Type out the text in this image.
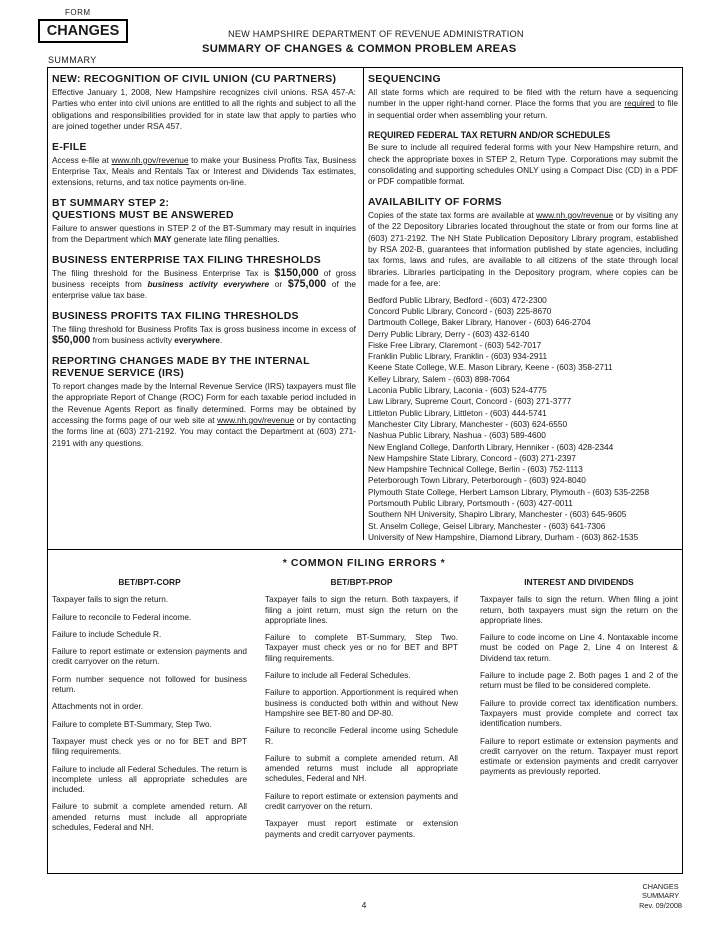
FORM
CHANGES
SUMMARY
NEW HAMPSHIRE DEPARTMENT OF REVENUE ADMINISTRATION
SUMMARY OF CHANGES & COMMON PROBLEM AREAS
NEW: RECOGNITION OF CIVIL UNION (CU PARTNERS)
Effective January 1, 2008, New Hampshire recognizes civil unions. RSA 457-A: Parties who enter into civil unions are entitled to all the rights and subject to all the obligations and responsibilities provided for in state law that apply to parties who are joined together under RSA 457.
E-FILE
Access e-file at www.nh.gov/revenue to make your Business Profits Tax, Business Enterprise Tax, Meals and Rentals Tax or Interest and Dividends Tax estimates, extensions, returns, and tax notice payments on-line.
BT SUMMARY STEP 2:
QUESTIONS MUST BE ANSWERED
Failure to answer questions in STEP 2 of the BT-Summary may result in inquiries from the Department which MAY generate late filing penalties.
BUSINESS ENTERPRISE TAX FILING THRESHOLDS
The filing threshold for the Business Enterprise Tax is $150,000 of gross business receipts from business activity everywhere or $75,000 of the enterprise value tax base.
BUSINESS PROFITS TAX FILING THRESHOLDS
The filing threshold for Business Profits Tax is gross business income in excess of $50,000 from business activity everywhere.
REPORTING CHANGES MADE BY THE INTERNAL
REVENUE SERVICE (IRS)
To report changes made by the Internal Revenue Service (IRS) taxpayers must file the appropriate Report of Change (ROC) Form for each taxable period included in the Revenue Agents Report as finally determined. Forms may be obtained by accessing the forms page of our web site at www.nh.gov/revenue or by contacting the forms line at (603) 271-2192. You may contact the Department at (603) 271-2191 with any questions.
SEQUENCING
All state forms which are required to be filed with the return have a sequencing number in the upper right-hand corner. Place the forms that you are required to file in sequential order when assembling your return.
REQUIRED FEDERAL TAX RETURN AND/OR SCHEDULES
Be sure to include all required federal forms with your New Hampshire return, and check the appropriate boxes in STEP 2, Return Type. Corporations may submit the consolidating and supporting schedules ONLY using a Compact Disc (CD) in a PDF or PDF compatible format.
AVAILABILITY OF FORMS
Copies of the state tax forms are available at www.nh.gov/revenue or by visiting any of the 22 Depository Libraries located throughout the state or from our forms line at (603) 271-2192. The NH State Publication Depository Library program, established by RSA 202-B, guarantees that information published by state agencies, including tax forms, laws and rules, are available to all citizens of the state through local libraries. Libraries participating in the Depository program, where copies can be made for a fee, are:
Bedford Public Library, Bedford - (603) 472-2300
Concord Public Library, Concord - (603) 225-8670
Dartmouth College, Baker Library, Hanover - (603) 646-2704
Derry Public Library, Derry - (603) 432-6140
Fiske Free Library, Claremont - (603) 542-7017
Franklin Public Library, Franklin - (603) 934-2911
Keene State College, W.E. Mason Library, Keene - (603) 358-2711
Kelley Library, Salem - (603) 898-7064
Laconia Public Library, Laconia - (603) 524-4775
Law Library, Supreme Court, Concord - (603) 271-3777
Littleton Public Library, Littleton - (603) 444-5741
Manchester City Library, Manchester - (603) 624-6550
Nashua Public Library, Nashua - (603) 589-4600
New England College, Danforth Library, Henniker - (603) 428-2344
New Hampshire State Library, Concord - (603) 271-2397
New Hampshire Technical College, Berlin - (603) 752-1113
Peterborough Town Library, Peterborough - (603) 924-8040
Plymouth State College, Herbert Lamson Library, Plymouth - (603) 535-2258
Portsmouth Public Library, Portsmouth - (603) 427-0011
Southern NH University, Shapiro Library, Manchester - (603) 645-9605
St. Anselm College, Geisel Library, Manchester - (603) 641-7306
University of New Hampshire, Diamond Library, Durham - (603) 862-1535
* COMMON FILING ERRORS *
BET/BPT-CORP
Taxpayer fails to sign the return.
Failure to reconcile to Federal income.
Failure to include Schedule R.
Failure to report estimate or extension payments and credit carryover on the return.
Form number sequence not followed for business return.
Attachments not in order.
Failure to complete BT-Summary, Step Two.
Taxpayer must check yes or no for BET and BPT filing requirements.
Failure to include all Federal Schedules. The return is incomplete unless all appropriate schedules are included.
Failure to submit a complete amended return. All amended returns must include all appropriate schedules, Federal and NH.
BET/BPT-PROP
Taxpayer fails to sign the return. Both taxpayers, if filing a joint return, must sign the return on the appropriate lines.
Failure to complete BT-Summary, Step Two. Taxpayer must check yes or no for BET and BPT filing requirements.
Failure to include all Federal Schedules.
Failure to apportion. Apportionment is required when business is conducted both within and without New Hampshire see BET-80 and DP-80.
Failure to reconcile Federal income using Schedule R.
Failure to submit a complete amended return. All amended returns must include all appropriate schedules, Federal and NH.
Failure to report estimate or extension payments and credit carryover on the return.
Taxpayer must report estimate or extension payments and credit carryover payments.
INTEREST AND DIVIDENDS
Taxpayer fails to sign the return. When filing a joint return, both taxpayers must sign the return on the appropriate lines.
Failure to code income on Line 4. Nontaxable income must be coded on Page 2, Line 4 on Interest & Dividend tax return.
Failure to include page 2. Both pages 1 and 2 of the return must be filed to be considered complete.
Failure to provide correct tax identification numbers. Taxpayers must provide complete and correct tax identification numbers.
Failure to report estimate or extension payments and credit carryover on the return. Taxpayer must report estimate or extension payments and credit carryover payments as previously reported.
CHANGES
SUMMARY
Rev. 09/2008
4
